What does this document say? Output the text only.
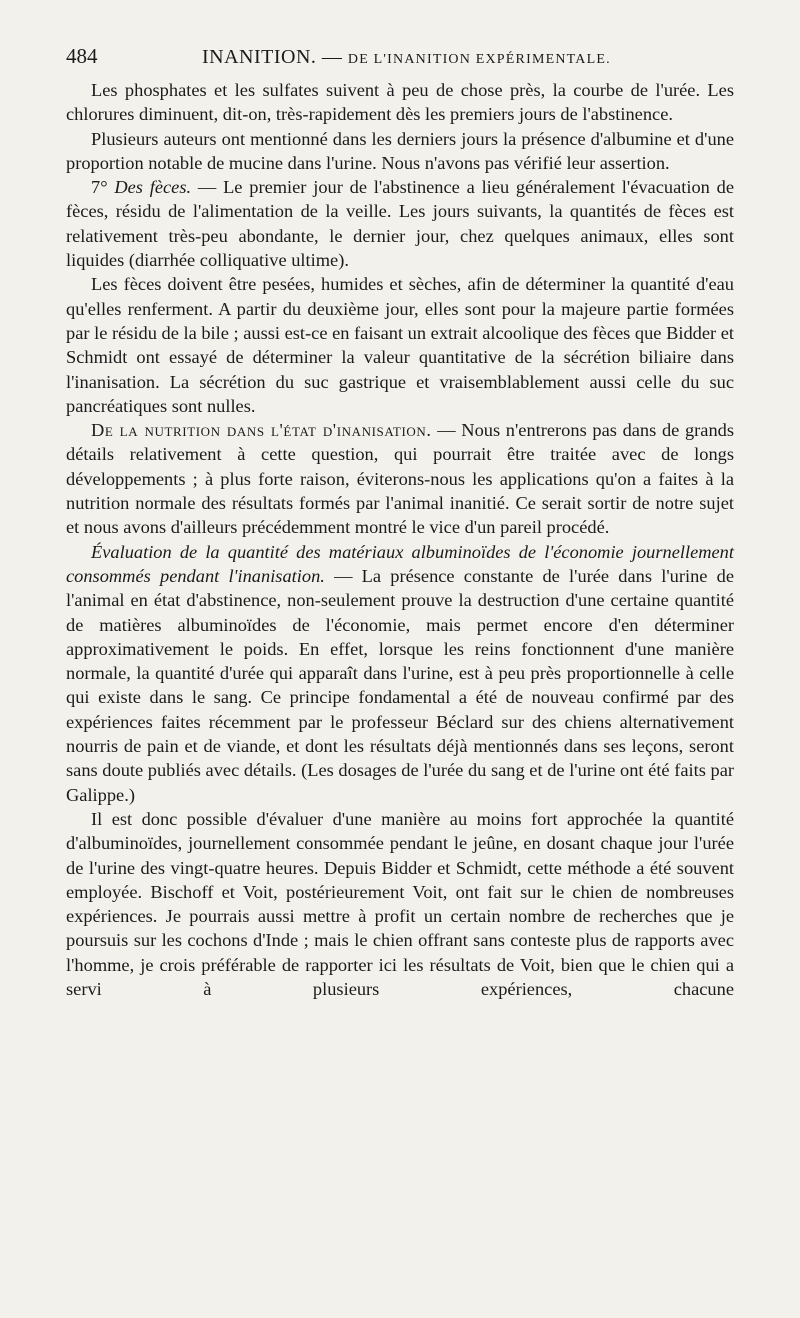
484	INANITION. — DE L'INANITION EXPÉRIMENTALE.

Les phosphates et les sulfates suivent à peu de chose près, la courbe de l'urée. Les chlorures diminuent, dit-on, très-rapidement dès les premiers jours de l'abstinence.

Plusieurs auteurs ont mentionné dans les derniers jours la présence d'albumine et d'une proportion notable de mucine dans l'urine. Nous n'avons pas vérifié leur assertion.

7° Des fèces. — Le premier jour de l'abstinence a lieu généralement l'évacuation de fèces, résidu de l'alimentation de la veille. Les jours suivants, la quantités de fèces est relativement très-peu abondante, le dernier jour, chez quelques animaux, elles sont liquides (diarrhée colliquative ultime).

Les fèces doivent être pesées, humides et sèches, afin de déterminer la quantité d'eau qu'elles renferment. A partir du deuxième jour, elles sont pour la majeure partie formées par le résidu de la bile ; aussi est-ce en faisant un extrait alcoolique des fèces que Bidder et Schmidt ont essayé de déterminer la valeur quantitative de la sécrétion biliaire dans l'inanisation. La sécrétion du suc gastrique et vraisemblablement aussi celle du suc pancréatiques sont nulles.

De la nutrition dans l'état d'inanisation. — Nous n'entrerons pas dans de grands détails relativement à cette question, qui pourrait être traitée avec de longs développements ; à plus forte raison, éviterons-nous les applications qu'on a faites à la nutrition normale des résultats formés par l'animal inanitié. Ce serait sortir de notre sujet et nous avons d'ailleurs précédemment montré le vice d'un pareil procédé.

Évaluation de la quantité des matériaux albuminoïdes de l'économie journellement consommés pendant l'inanisation. — La présence constante de l'urée dans l'urine de l'animal en état d'abstinence, non-seulement prouve la destruction d'une certaine quantité de matières albuminoïdes de l'économie, mais permet encore d'en déterminer approximativement le poids. En effet, lorsque les reins fonctionnent d'une manière normale, la quantité d'urée qui apparaît dans l'urine, est à peu près proportionnelle à celle qui existe dans le sang. Ce principe fondamental a été de nouveau confirmé par des expériences faites récemment par le professeur Béclard sur des chiens alternativement nourris de pain et de viande, et dont les résultats déjà mentionnés dans ses leçons, seront sans doute publiés avec détails. (Les dosages de l'urée du sang et de l'urine ont été faits par Galippe.)

Il est donc possible d'évaluer d'une manière au moins fort approchée la quantité d'albuminoïdes, journellement consommée pendant le jeûne, en dosant chaque jour l'urée de l'urine des vingt-quatre heures. Depuis Bidder et Schmidt, cette méthode a été souvent employée. Bischoff et Voit, postérieurement Voit, ont fait sur le chien de nombreuses expériences. Je pourrais aussi mettre à profit un certain nombre de recherches que je poursuis sur les cochons d'Inde ; mais le chien offrant sans conteste plus de rapports avec l'homme, je crois préférable de rapporter ici les résultats de Voit, bien que le chien qui a servi à plusieurs expériences, chacune
